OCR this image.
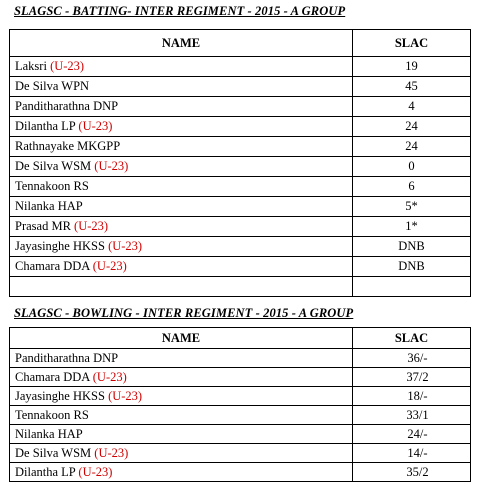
SLAGSC - BATTING- INTER REGIMENT - 2015 - A GROUP
NAME	SLAC
Laksri (U-23)	19
De Silva WPN	45
Panditharathna DNP	4
Dilantha LP (U-23)	24
Rathnayake MKGPP	24
De Silva WSM (U-23)	0
Tennakoon RS	6
Nilanka HAP	5*
Prasad MR (U-23)	1*
Jayasinghe HKSS (U-23)	DNB
Chamara DDA (U-23)	DNB

SLAGSC - BOWLING - INTER REGIMENT - 2015 - A GROUP
NAME	SLAC
Panditharathna DNP	36/-
Chamara DDA (U-23)	37/2
Jayasinghe HKSS (U-23)	18/-
Tennakoon RS	33/1
Nilanka HAP	24/-
De Silva WSM (U-23)	14/-
Dilantha LP (U-23)	35/2
